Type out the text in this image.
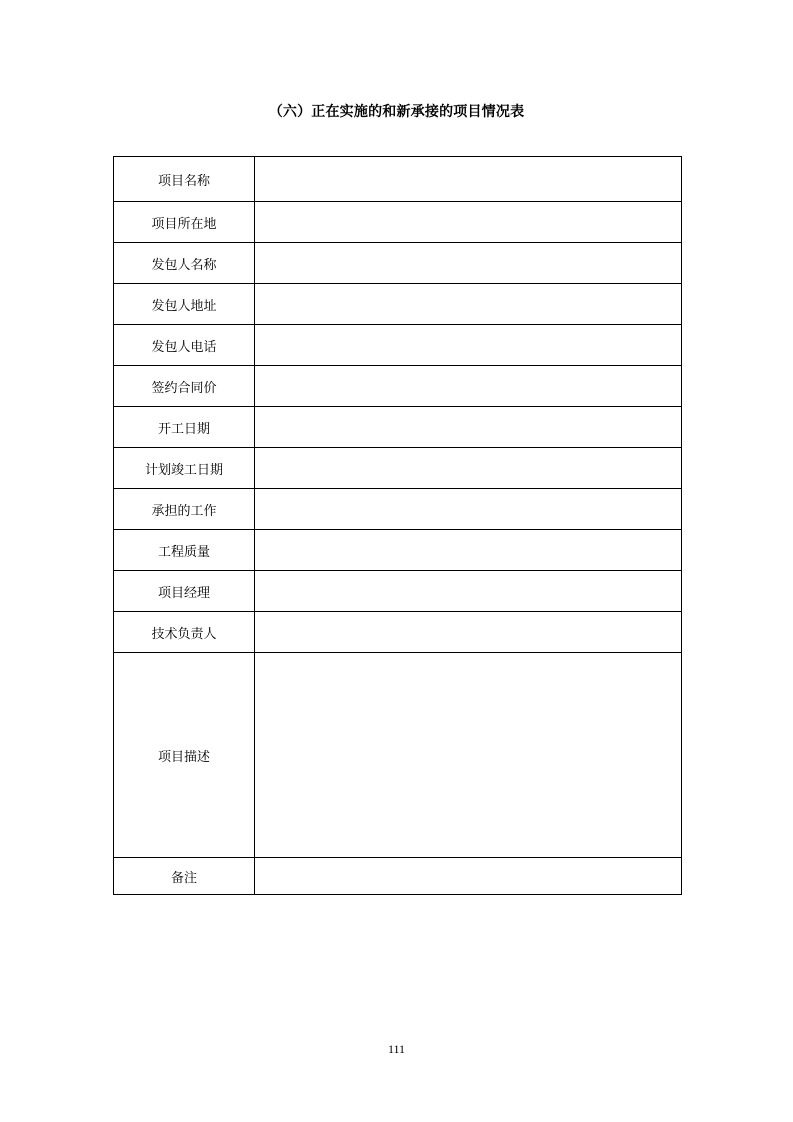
（六）正在实施的和新承接的项目情况表
项目名称	
项目所在地	
发包人名称	
发包人地址	
发包人电话	
签约合同价	
开工日期	
计划竣工日期	
承担的工作	
工程质量	
项目经理	
技术负责人	
项目描述	
备注	
111
